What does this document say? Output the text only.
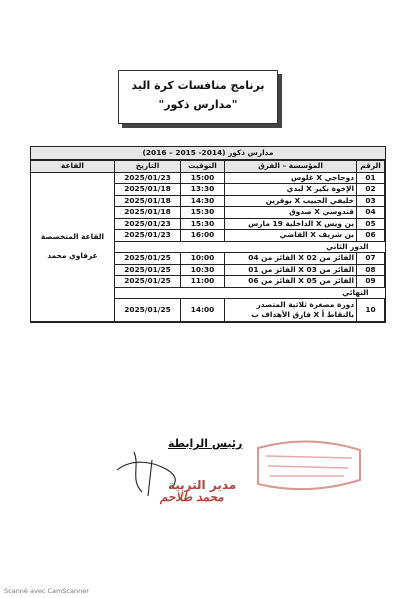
برنامج منافسات كرة اليد
"مدارس ذكور"
مدارس ذكور (2014- 2015 – 2016)
الرقم	المؤسسة – الفرق	التوقيت	التاريخ	القاعة
01	دوحاجي X غلوس	15:00	2025/01/23	القاعة المتخصصة
عرفاوي محمد
02	الإخوة بكير X لبدي	13:30	2025/01/18	
03	خليفي الحبيب X بوقرين	14:30	2025/01/18	
04	قندوسي X صدوق	15:30	2025/01/18	
05	بن ويس X الداخلية 19 مارس	15:30	2025/01/23	
06	بن شريف X القاضي	16:00	2025/01/23	
الدور الثاني				
07	الفائز من 02 X الفائز من 04	10:00	2025/01/25	
08	الفائز من 03 X الفائز من 01	10:30	2025/01/25	
09	الفائز من 05 X الفائز من 06	11:00	2025/01/25	
النهائي				
10	دورة مصغرة ثلاثية المتصدر
بالنقاط أ X فارق الأهداف ب	14:00	2025/01/25	
رئيس الرابطة
مدير التربية
محمد طلاحم
Scanné avec CamScanner
